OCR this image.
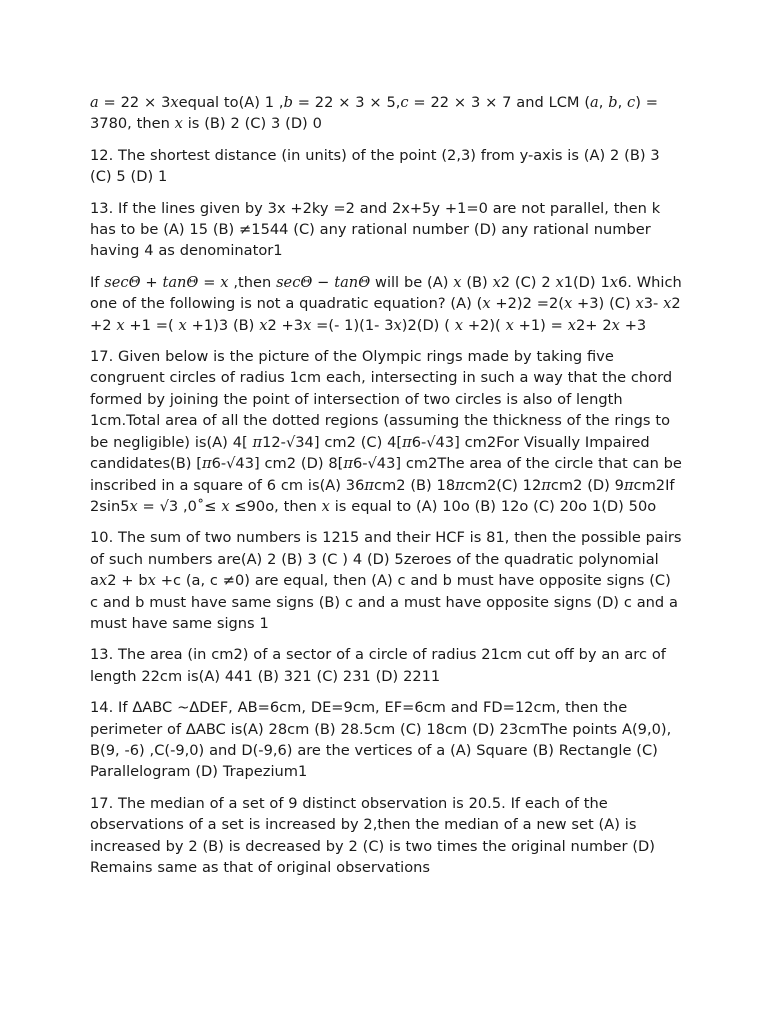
a = 22 × 3xequal to(A) 1 ,b = 22 × 3 × 5,c = 22 × 3 × 7 and LCM (a, b, c) = 3780, then x is (B) 2 (C) 3 (D) 0

12. The shortest distance (in units) of the point (2,3) from y-axis is (A) 2 (B) 3 (C) 5 (D) 1

13. If the lines given by 3x +2ky =2 and 2x+5y +1=0 are not parallel, then k has to be (A) 15 (B) ≠1544 (C) any rational number (D) any rational number having 4 as denominator1

If secΘ + tanΘ = x ,then secΘ − tanΘ will be (A) x (B) x2 (C) 2 x1(D) 1x6. Which one of the following is not a quadratic equation? (A) (x +2)2 =2(x +3) (C) x3- x2 +2 x +1 =( x +1)3 (B) x2 +3x =(- 1)(1- 3x)2(D) ( x +2)( x +1) = x2+ 2x +3

17. Given below is the picture of the Olympic rings made by taking five congruent circles of radius 1cm each, intersecting in such a way that the chord formed by joining the point of intersection of two circles is also of length 1cm.Total area of all the dotted regions (assuming the thickness of the rings to be negligible) is(A) 4[ π12-√34] cm2 (C) 4[π6-√43] cm2For Visually Impaired candidates(B) [π6-√43] cm2 (D) 8[π6-√43] cm2The area of the circle that can be inscribed in a square of 6 cm is(A) 36πcm2 (B) 18πcm2(C) 12πcm2 (D) 9πcm2If 2sin5x = √3 ,0˚≤ x ≤90o, then x is equal to (A) 10o (B) 12o (C) 20o 1(D) 50o

10. The sum of two numbers is 1215 and their HCF is 81, then the possible pairs of such numbers are(A) 2 (B) 3 (C ) 4 (D) 5zeroes of the quadratic polynomial ax2 + bx +c (a, c ≠0) are equal, then (A) c and b must have opposite signs (C) c and b must have same signs (B) c and a must have opposite signs (D) c and a must have same signs 1

13. The area (in cm2) of a sector of a circle of radius 21cm cut off by an arc of length 22cm is(A) 441 (B) 321 (C) 231 (D) 2211

14. If ΔABC ~ΔDEF, AB=6cm, DE=9cm, EF=6cm and FD=12cm, then the perimeter of ΔABC is(A) 28cm (B) 28.5cm (C) 18cm (D) 23cmThe points A(9,0), B(9, -6) ,C(-9,0) and D(-9,6) are the vertices of a (A) Square (B) Rectangle (C) Parallelogram (D) Trapezium1

17. The median of a set of 9 distinct observation is 20.5. If each of the observations of a set is increased by 2,then the median of a new set (A) is increased by 2 (B) is decreased by 2 (C) is two times the original number (D) Remains same as that of original observations
